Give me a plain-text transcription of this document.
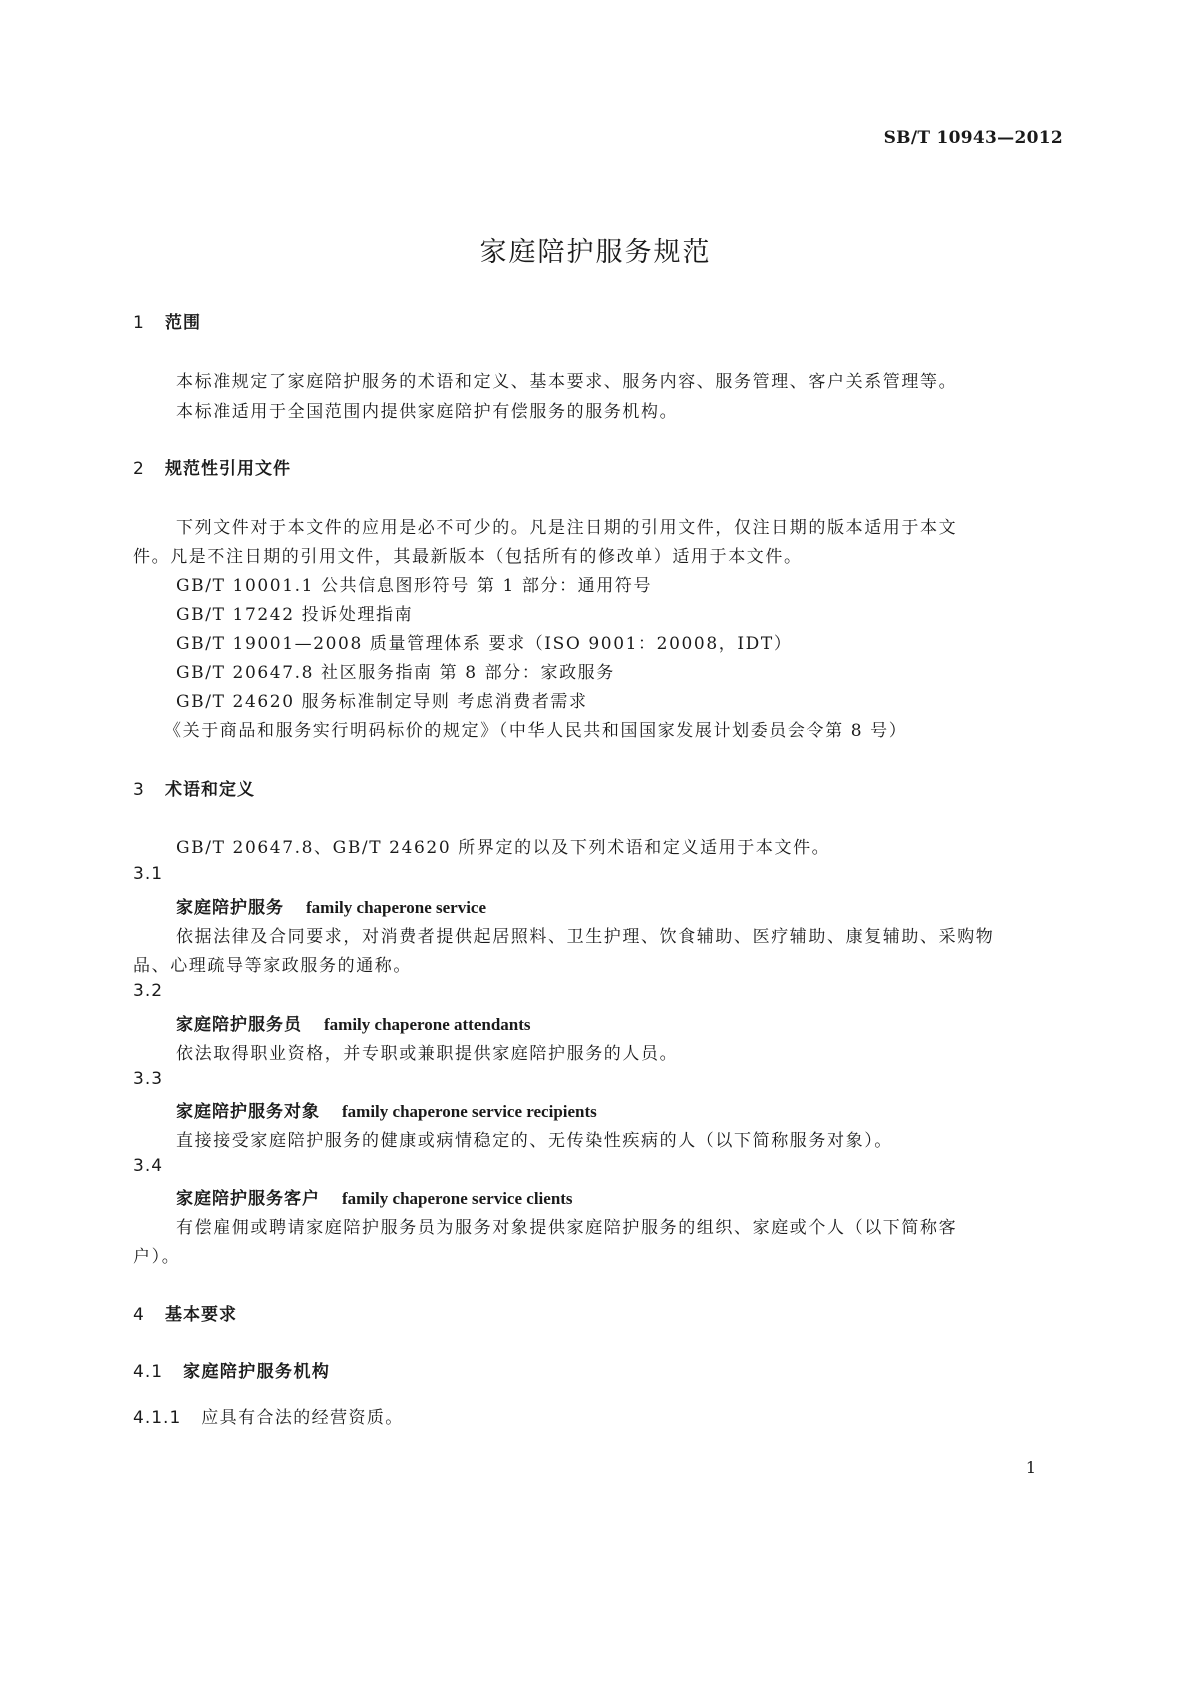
SB/T 10943—2012
家庭陪护服务规范
1 范围
本标准规定了家庭陪护服务的术语和定义、基本要求、服务内容、服务管理、客户关系管理等。
本标准适用于全国范围内提供家庭陪护有偿服务的服务机构。
2 规范性引用文件
下列文件对于本文件的应用是必不可少的。凡是注日期的引用文件，仅注日期的版本适用于本文
件。凡是不注日期的引用文件，其最新版本（包括所有的修改单）适用于本文件。
GB/T 10001.1 公共信息图形符号 第 1 部分：通用符号
GB/T 17242 投诉处理指南
GB/T 19001—2008 质量管理体系 要求（ISO 9001：20008，IDT）
GB/T 20647.8 社区服务指南 第 8 部分：家政服务
GB/T 24620 服务标准制定导则 考虑消费者需求
《关于商品和服务实行明码标价的规定》（中华人民共和国国家发展计划委员会令第 8 号）
3 术语和定义
GB/T 20647.8、GB/T 24620 所界定的以及下列术语和定义适用于本文件。
3.1
家庭陪护服务 family chaperone service
依据法律及合同要求，对消费者提供起居照料、卫生护理、饮食辅助、医疗辅助、康复辅助、采购物
品、心理疏导等家政服务的通称。
3.2
家庭陪护服务员 family chaperone attendants
依法取得职业资格，并专职或兼职提供家庭陪护服务的人员。
3.3
家庭陪护服务对象 family chaperone service recipients
直接接受家庭陪护服务的健康或病情稳定的、无传染性疾病的人（以下简称服务对象）。
3.4
家庭陪护服务客户 family chaperone service clients
有偿雇佣或聘请家庭陪护服务员为服务对象提供家庭陪护服务的组织、家庭或个人（以下简称客
户）。
4 基本要求
4.1 家庭陪护服务机构
4.1.1 应具有合法的经营资质。
1
